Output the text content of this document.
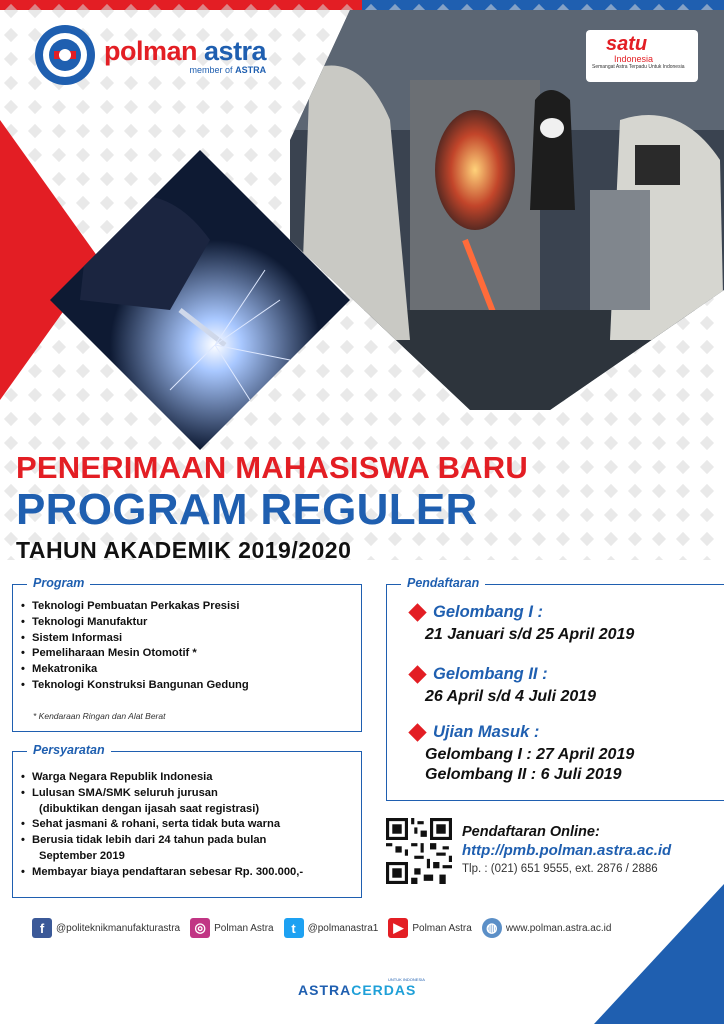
polman astra
member of ASTRA
satu
Indonesia
Semangat Astra Terpadu Untuk Indonesia
PENERIMAAN MAHASISWA BARU
PROGRAM REGULER
TAHUN AKADEMIK 2019/2020
Program
• Teknologi Pembuatan Perkakas Presisi
• Teknologi Manufaktur
• Sistem Informasi
• Pemeliharaan Mesin Otomotif *
• Mekatronika
• Teknologi Konstruksi Bangunan Gedung
* Kendaraan Ringan dan Alat Berat
Persyaratan
• Warga Negara Republik Indonesia
• Lulusan SMA/SMK seluruh jurusan
(dibuktikan dengan ijasah saat registrasi)
• Sehat jasmani & rohani, serta tidak buta warna
• Berusia tidak lebih dari 24 tahun pada bulan
September 2019
• Membayar biaya pendaftaran sebesar Rp. 300.000,-
Pendaftaran
Gelombang I :
21 Januari s/d 25 April 2019
Gelombang II :
26 April s/d 4 Juli 2019
Ujian Masuk :
Gelombang I : 27 April 2019
Gelombang II : 6 Juli 2019
Pendaftaran Online:
http://pmb.polman.astra.ac.id
Tlp. : (021) 651 9555, ext. 2876 / 2886
f	@politeknikmanufakturastra	◎ Polman Astra	t	@polmanastra1	▶ Polman Astra	◍ www.polman.astra.ac.id
UNTUK INDONESIA
ASTRACERDAS
